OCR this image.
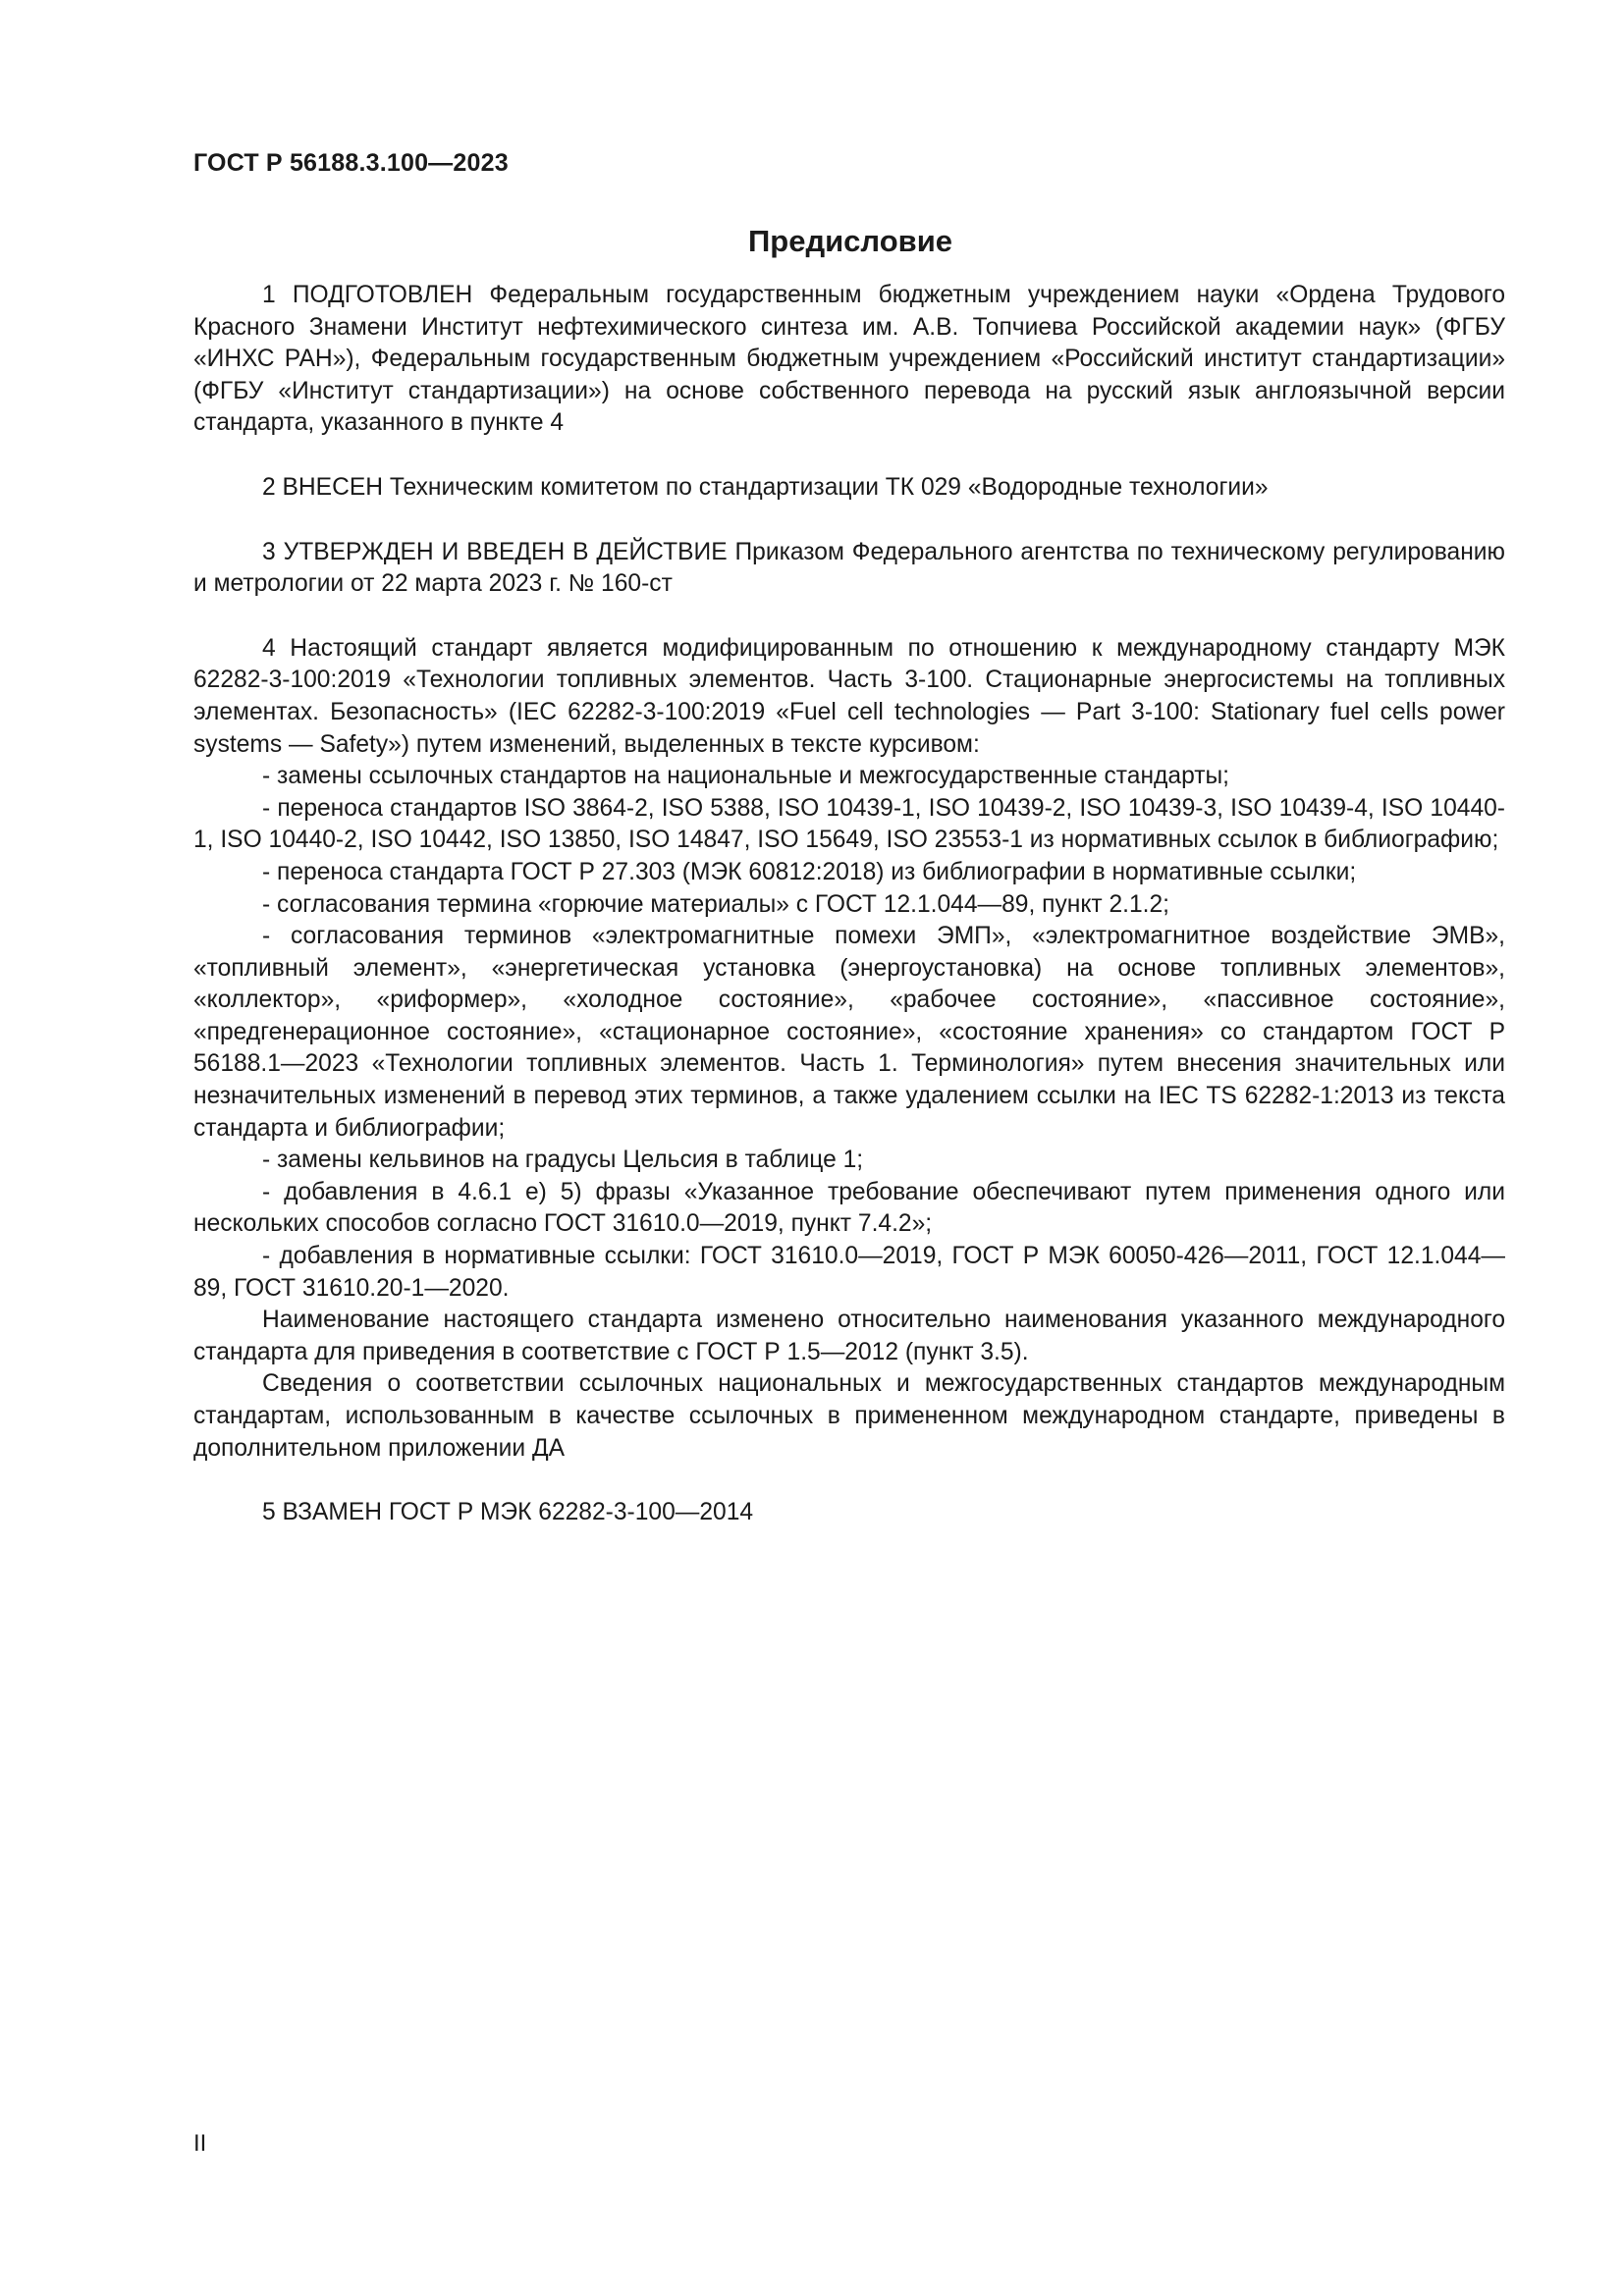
ГОСТ Р 56188.3.100—2023
Предисловие

1 ПОДГОТОВЛЕН Федеральным государственным бюджетным учреждением науки «Ордена Трудового Красного Знамени Институт нефтехимического синтеза им. А.В. Топчиева Российской академии наук» (ФГБУ «ИНХС РАН»), Федеральным государственным бюджетным учреждением «Российский институт стандартизации» (ФГБУ «Институт стандартизации») на основе собственного перевода на русский язык англоязычной версии стандарта, указанного в пункте 4

2 ВНЕСЕН Техническим комитетом по стандартизации ТК 029 «Водородные технологии»

3 УТВЕРЖДЕН И ВВЕДЕН В ДЕЙСТВИЕ Приказом Федерального агентства по техническому регулированию и метрологии от 22 марта 2023 г. № 160-ст

4 Настоящий стандарт является модифицированным по отношению к международному стандарту МЭК 62282-3-100:2019 «Технологии топливных элементов. Часть 3-100. Стационарные энергосистемы на топливных элементах. Безопасность» (IEC 62282-3-100:2019 «Fuel cell technologies — Part 3-100: Stationary fuel cells power systems — Safety») путем изменений, выделенных в тексте курсивом:

- замены ссылочных стандартов на национальные и межгосударственные стандарты;

- переноса стандартов ISO 3864-2, ISO 5388, ISO 10439-1, ISO 10439-2, ISO 10439-3, ISO 10439-4, ISO 10440-1, ISO 10440-2, ISO 10442, ISO 13850, ISO 14847, ISO 15649, ISO 23553-1 из нормативных ссылок в библиографию;

- переноса стандарта ГОСТ Р 27.303 (МЭК 60812:2018) из библиографии в нормативные ссылки;

- согласования термина «горючие материалы» с ГОСТ 12.1.044—89, пункт 2.1.2;

- согласования терминов «электромагнитные помехи ЭМП», «электромагнитное воздействие ЭМВ», «топливный элемент», «энергетическая установка (энергоустановка) на основе топливных элементов», «коллектор», «риформер», «холодное состояние», «рабочее состояние», «пассивное состояние», «предгенерационное состояние», «стационарное состояние», «состояние хранения» со стандартом ГОСТ Р 56188.1—2023 «Технологии топливных элементов. Часть 1. Терминология» путем внесения значительных или незначительных изменений в перевод этих терминов, а также удалением ссылки на IEC TS 62282-1:2013 из текста стандарта и библиографии;

- замены кельвинов на градусы Цельсия в таблице 1;

- добавления в 4.6.1 е) 5) фразы «Указанное требование обеспечивают путем применения одного или нескольких способов согласно ГОСТ 31610.0—2019, пункт 7.4.2»;

- добавления в нормативные ссылки: ГОСТ 31610.0—2019, ГОСТ Р МЭК 60050-426—2011, ГОСТ 12.1.044—89, ГОСТ 31610.20-1—2020.

Наименование настоящего стандарта изменено относительно наименования указанного международного стандарта для приведения в соответствие с ГОСТ Р 1.5—2012 (пункт 3.5).

Сведения о соответствии ссылочных национальных и межгосударственных стандартов международным стандартам, использованным в качестве ссылочных в примененном международном стандарте, приведены в дополнительном приложении ДА

5 ВЗАМЕН ГОСТ Р МЭК 62282-3-100—2014

II
